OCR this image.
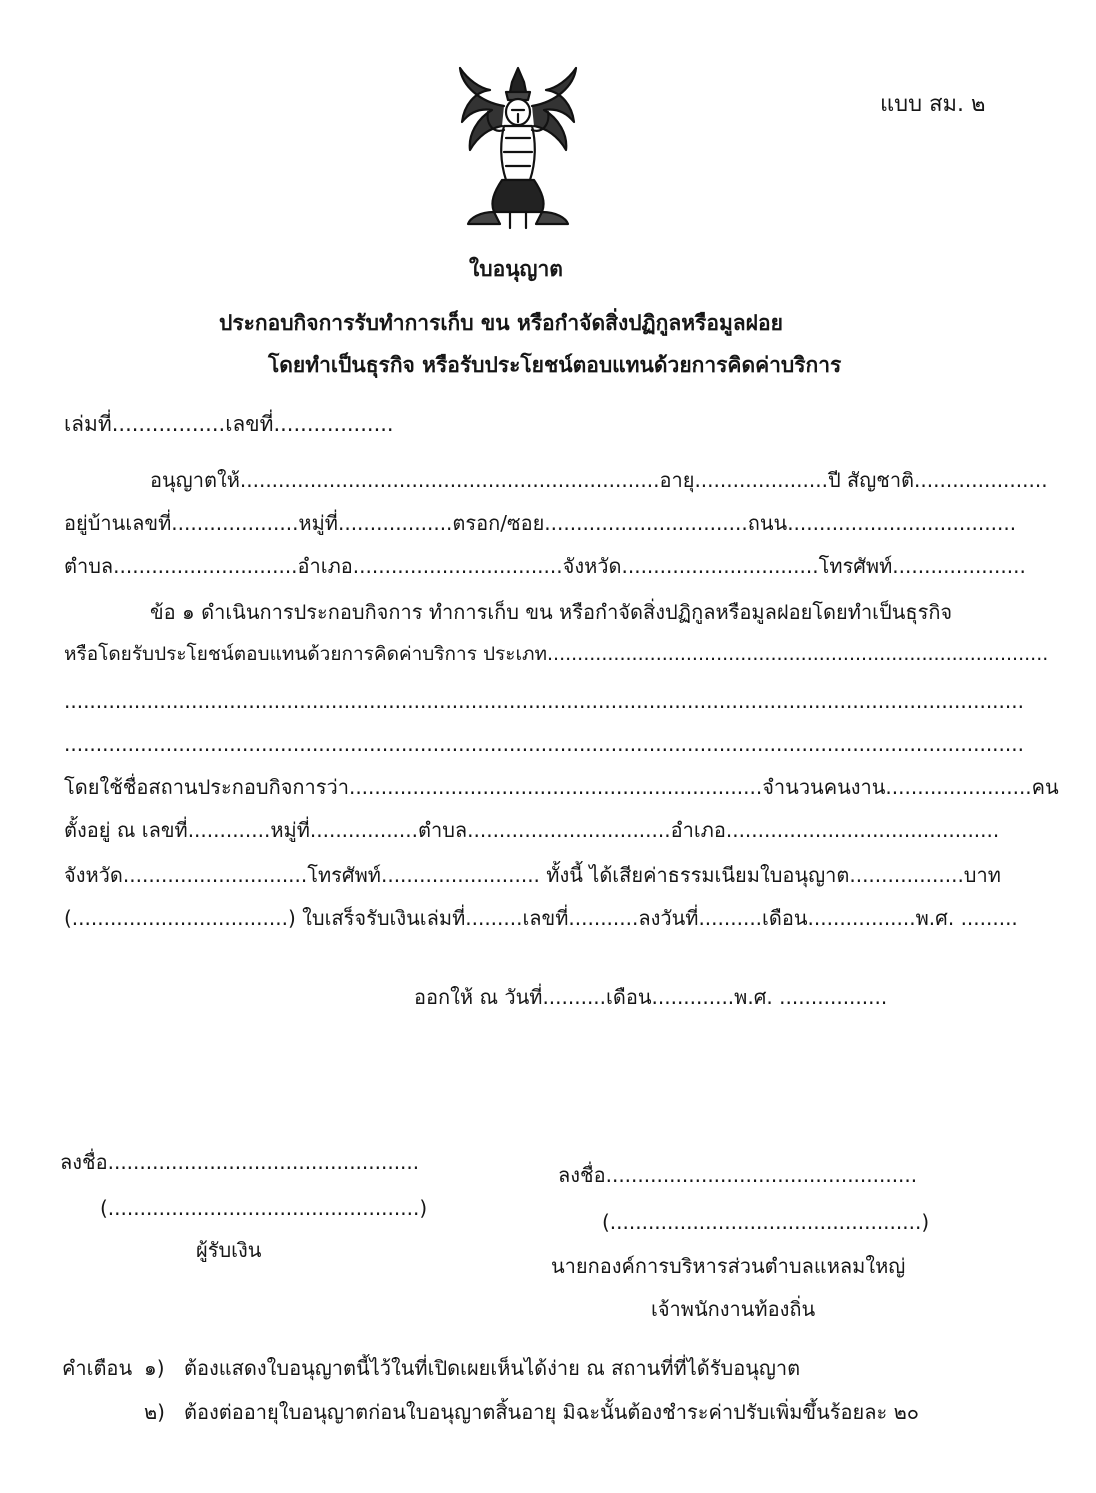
แบบ สม. ๒
ใบอนุญาต
ประกอบกิจการรับทำการเก็บ ขน หรือกำจัดสิ่งปฏิกูลหรือมูลฝอย
โดยทำเป็นธุรกิจ หรือรับประโยชน์ตอบแทนด้วยการคิดค่าบริการ
เล่มที่.................เลขที่..................
อนุญาตให้..................................................................อายุ.....................ปี สัญชาติ.....................
อยู่บ้านเลขที่....................หมู่ที่..................ตรอก/ซอย................................ถนน....................................
ตำบล.............................อำเภอ.................................จังหวัด...............................โทรศัพท์.....................
ข้อ ๑ ดำเนินการประกอบกิจการ ทำการเก็บ ขน หรือกำจัดสิ่งปฏิกูลหรือมูลฝอยโดยทำเป็นธุรกิจ
หรือโดยรับประโยชน์ตอบแทนด้วยการคิดค่าบริการ ประเภท...................................................................................
.......................................................................................................................................................
.......................................................................................................................................................
โดยใช้ชื่อสถานประกอบกิจการว่า.................................................................จำนวนคนงาน.......................คน
ตั้งอยู่ ณ เลขที่.............หมู่ที่.................ตำบล................................อำเภอ...........................................
จังหวัด.............................โทรศัพท์......................... ทั้งนี้ ได้เสียค่าธรรมเนียมใบอนุญาต..................บาท
(..................................) ใบเสร็จรับเงินเล่มที่.........เลขที่...........ลงวันที่..........เดือน.................พ.ศ. .........
ออกให้ ณ วันที่..........เดือน.............พ.ศ. .................
ลงชื่อ.................................................
(.................................................)
ผู้รับเงิน
ลงชื่อ.................................................
(.................................................)
นายกองค์การบริหารส่วนตำบลแหลมใหญ่
เจ้าพนักงานท้องถิ่น
คำเตือน ๑) ต้องแสดงใบอนุญาตนี้ไว้ในที่เปิดเผยเห็นได้ง่าย ณ สถานที่ที่ได้รับอนุญาต
๒) ต้องต่ออายุใบอนุญาตก่อนใบอนุญาตสิ้นอายุ มิฉะนั้นต้องชำระค่าปรับเพิ่มขึ้นร้อยละ ๒๐
